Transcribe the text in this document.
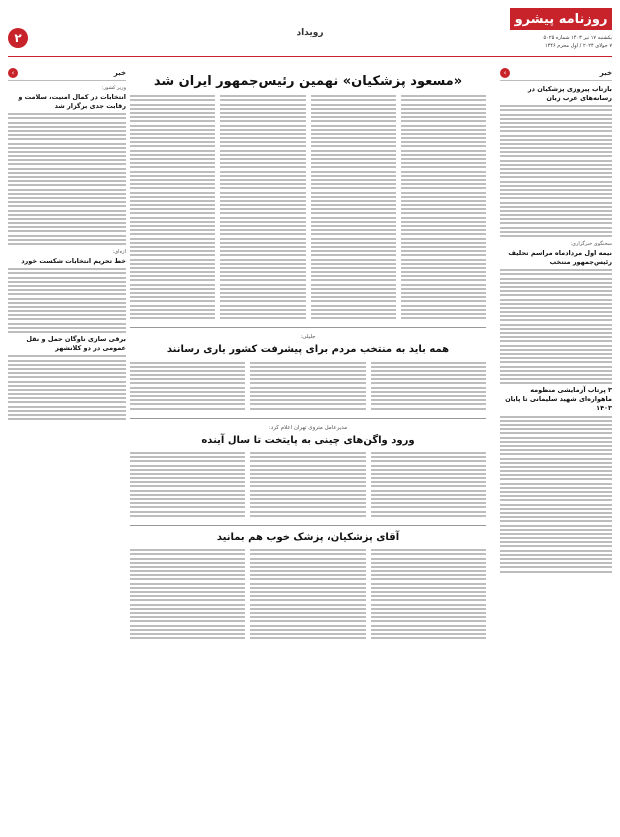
روزنامه پیشرو
یکشنبه ۱۷ تیر ۱۴۰۳ شماره ۵۰۲۵
۷ جولای ۲۰۲۴ / اول محرم ۱۴۴۶
رویداد
۲
خبر
›
بازتاب پیروزی پزشکیان در رسانه‌های عرب زبان
سخنگوی خبرگزاری:
نیمه اول مردادماه مراسم تحلیف رئیس‌جمهور منتخب
۳ پرتاب آزمایشی منظومه ماهواره‌ای شهید سلیمانی تا پایان ۱۴۰۳
«مسعود پزشکیان» نهمین رئیس‌جمهور ایران شد
جلیلی:
همه باید به منتخب مردم برای پیشرفت کشور یاری رسانند
مدیرعامل متروی تهران اعلام کرد:
ورود واگن‌های چینی به پایتخت تا سال آینده
آقای پزشکیان، پزشک خوب هم بمانید
خبر
›
وزیر کشور:
انتخابات در کمال امنیت، سلامت و رقابت جدی برگزار شد
اژه‌ای:
خط تحریم انتخابات شکست خورد
برقی سازی ناوگان حمل و نقل عمومی در دو کلانشهر
